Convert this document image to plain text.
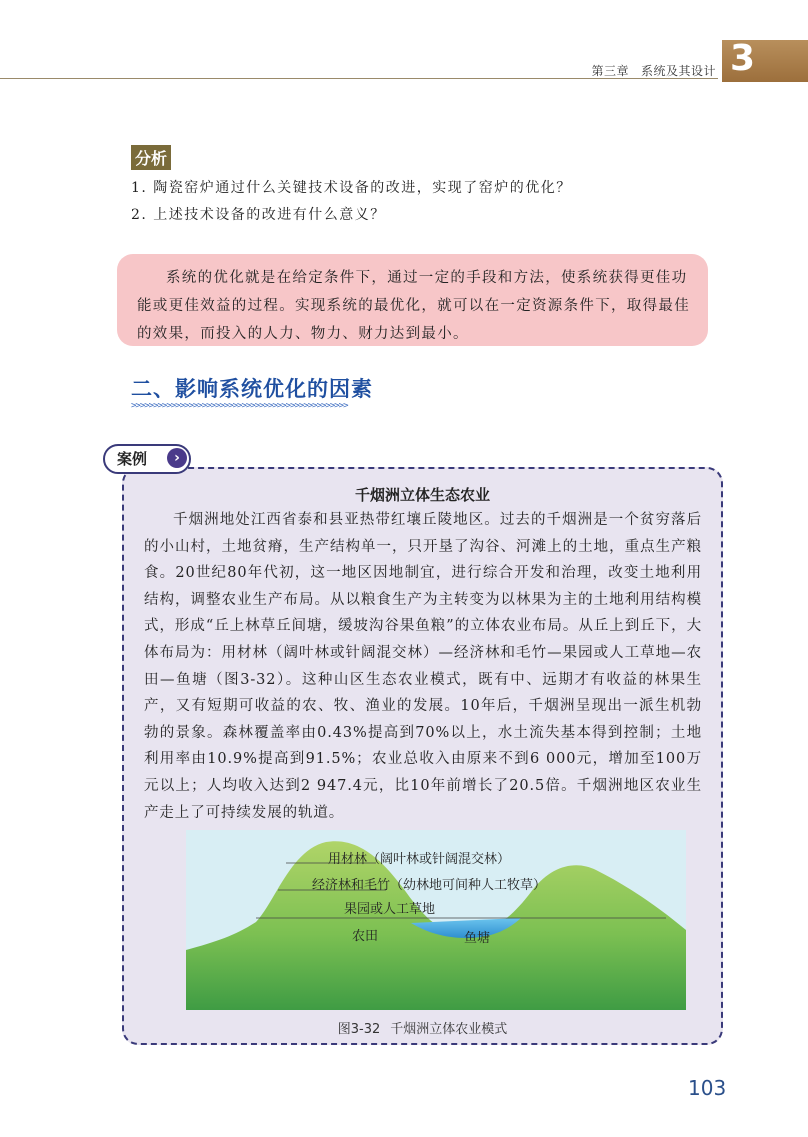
第三章 系统及其设计 3
分析
1. 陶瓷窑炉通过什么关键技术设备的改进，实现了窑炉的优化？
2. 上述技术设备的改进有什么意义？

系统的优化就是在给定条件下，通过一定的手段和方法，使系统获得更佳功能或更佳效益的过程。实现系统的最优化，就可以在一定资源条件下，取得最佳的效果，而投入的人力、物力、财力达到最小。

二、影响系统优化的因素
>>>>>>>>>>>>>>>>>>>>>>>>>>>>>>>>>>>>>>>>>>>>>>>>>
案例	›
千烟洲立体生态农业

千烟洲地处江西省泰和县亚热带红壤丘陵地区。过去的千烟洲是一个贫穷落后的小山村，土地贫瘠，生产结构单一，只开垦了沟谷、河滩上的土地，重点生产粮食。20世纪80年代初，这一地区因地制宜，进行综合开发和治理，改变土地利用结构，调整农业生产布局。从以粮食生产为主转变为以林果为主的土地利用结构模式，形成“丘上林草丘间塘，缓坡沟谷果鱼粮”的立体农业布局。从丘上到丘下，大体布局为：用材林（阔叶林或针阔混交林）—经济林和毛竹—果园或人工草地—农田—鱼塘（图3-32）。这种山区生态农业模式，既有中、远期才有收益的林果生产，又有短期可收益的农、牧、渔业的发展。10年后，千烟洲呈现出一派生机勃勃的景象。森林覆盖率由0.43%提高到70%以上，水土流失基本得到控制；土地利用率由10.9%提高到91.5%；农业总收入由原来不到6 000元，增加至100万元以上；人均收入达到2 947.4元，比10年前增长了20.5倍。千烟洲地区农业生产走上了可持续发展的轨道。

用材林（阔叶林或针阔混交林）
经济林和毛竹（幼林地可间种人工牧草）
果园或人工草地
农田	鱼塘
图3-32 千烟洲立体农业模式
103
